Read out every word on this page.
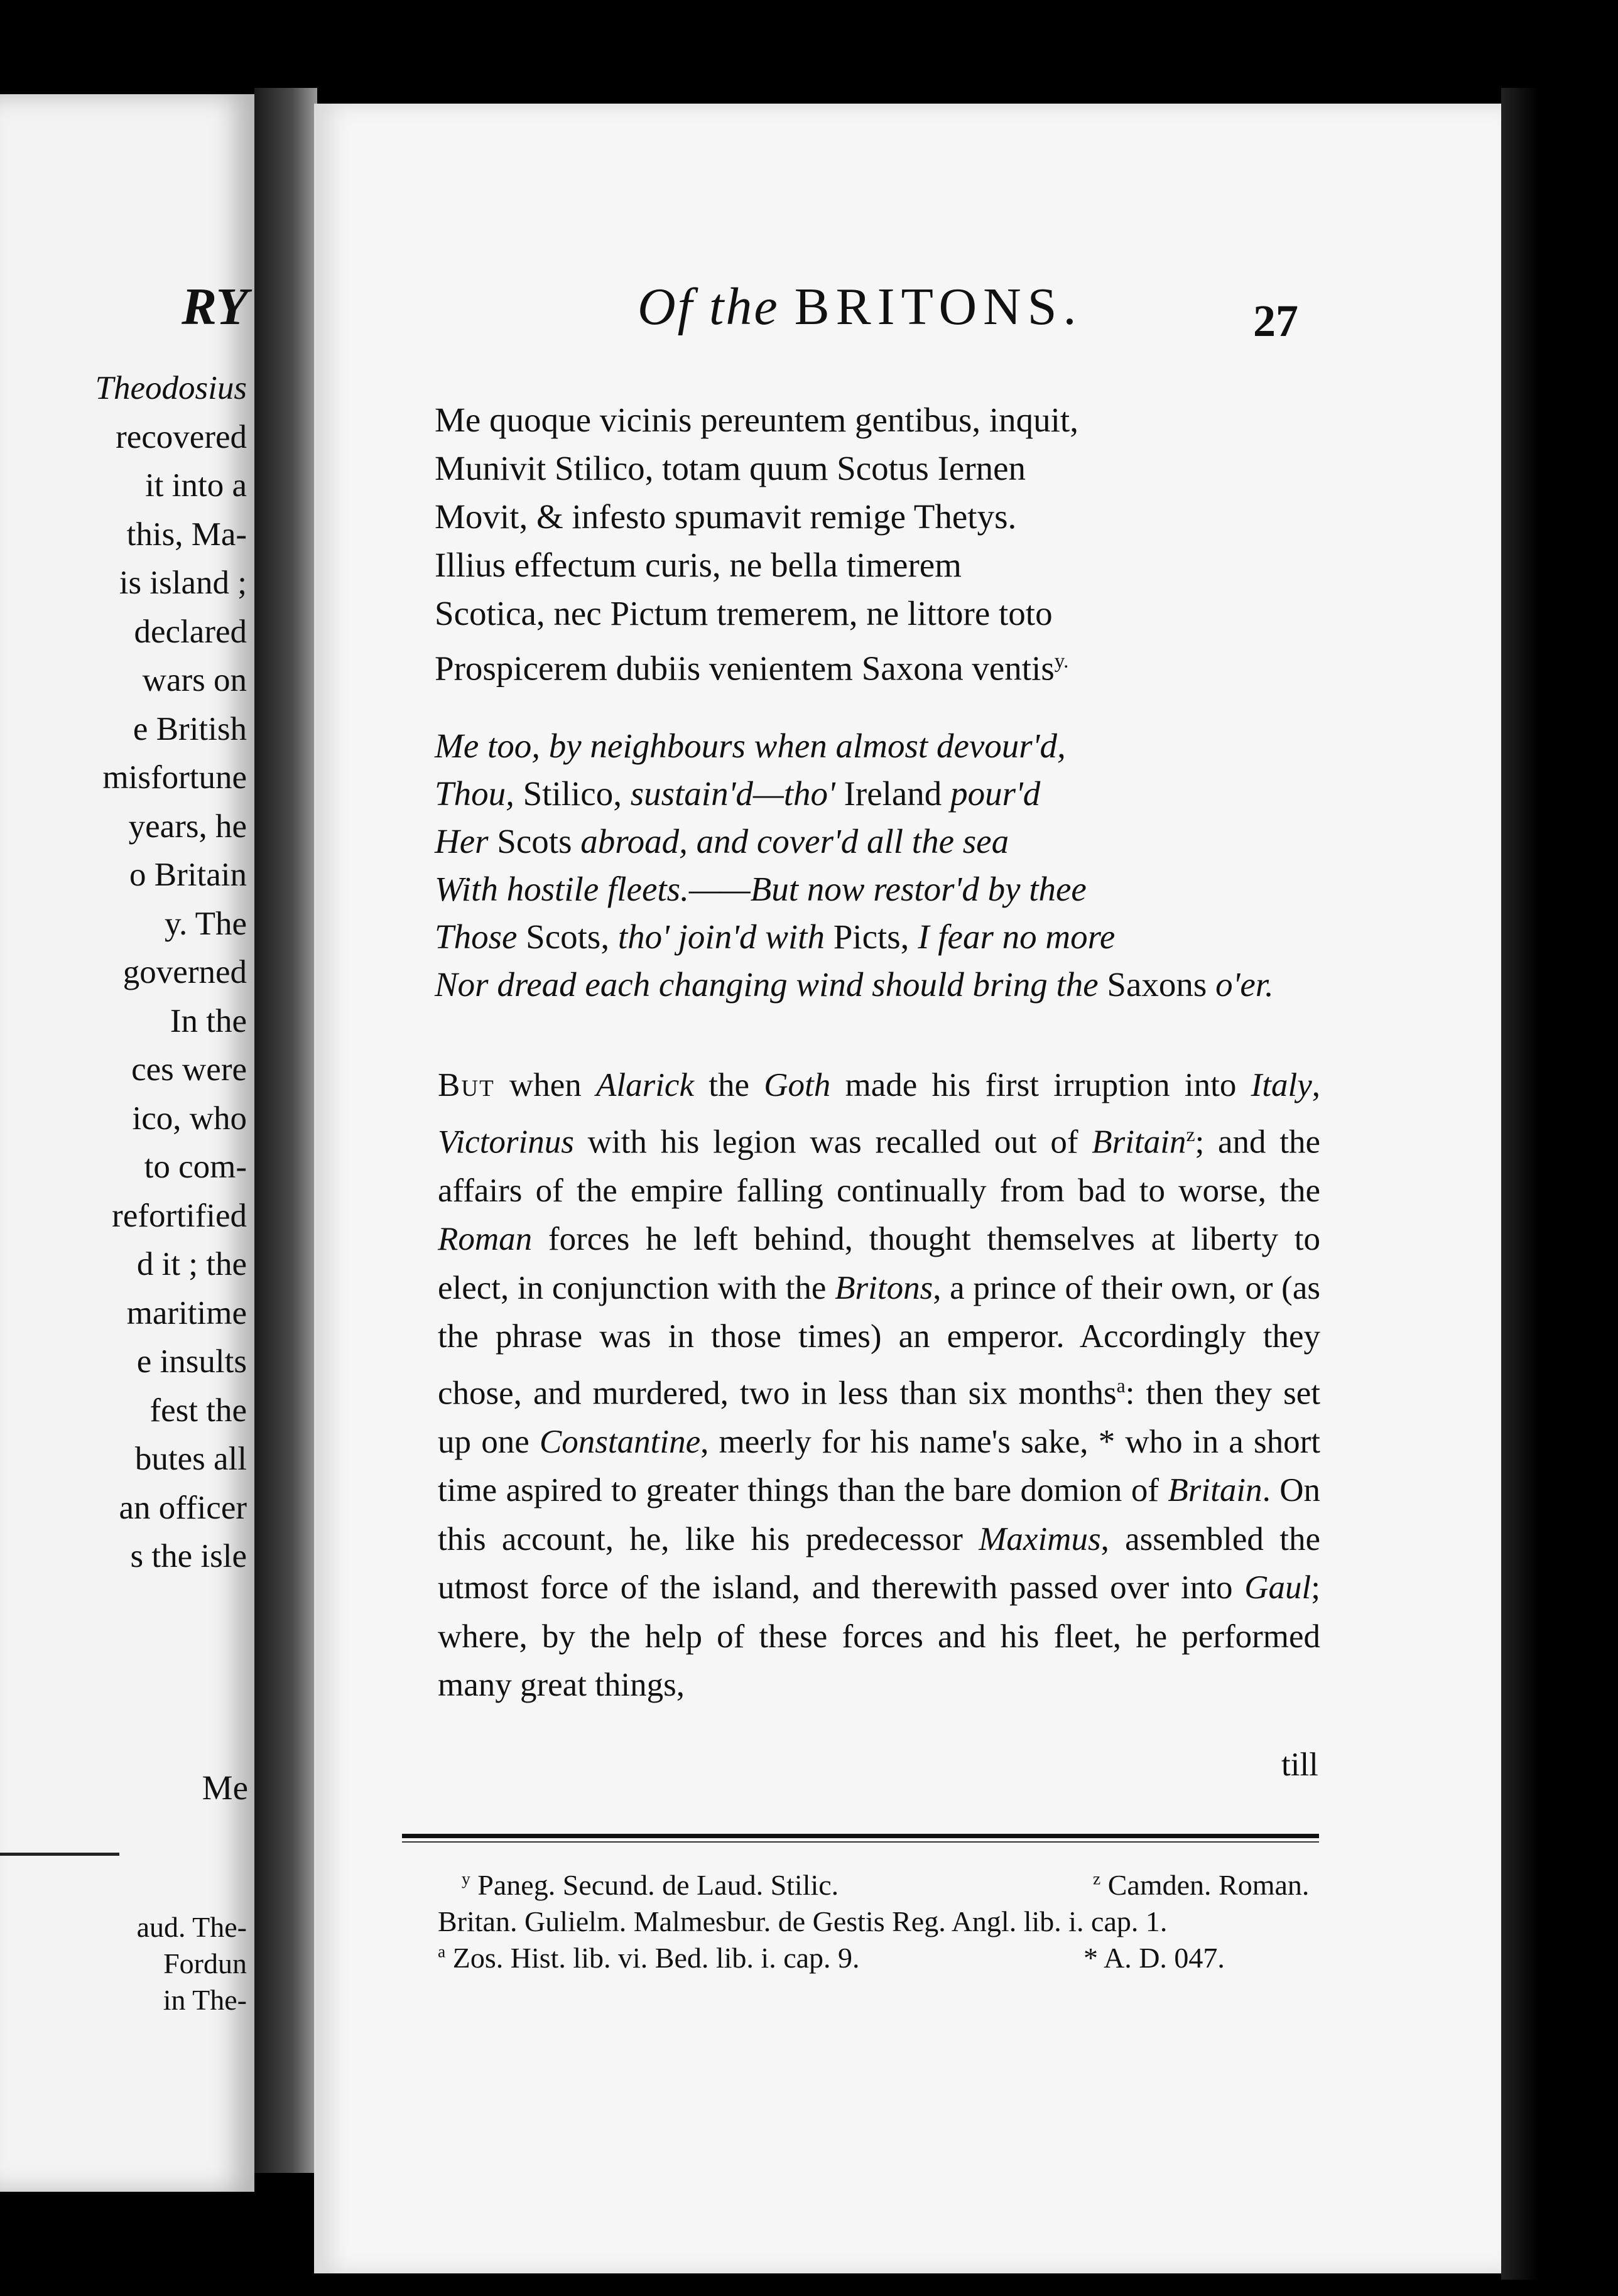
RY
Theodosius
recovered
it into a
this, Ma-
is island ;
declared
wars on
e British
misfortune
years, he
o Britain
y. The
governed
In the
ces were
ico, who
to com-
refortified
d it ; the
maritime
e insults
fest the
butes all
an officer
s the isle
Me
aud. The-
Fordun
in The-
Of the BRITONS.	27
Me quoque vicinis pereuntem gentibus, inquit,
Munivit Stilico, totam quum Scotus Iernen
Movit, & infesto spumavit remige Thetys.
Illius effectum curis, ne bella timerem
Scotica, nec Pictum tremerem, ne littore toto
Prospicerem dubiis venientem Saxona ventis$^{y.}$
Me too, by neighbours when almost devour'd,
Thou, Stilico, sustain'd—tho' Ireland pour'd
Her Scots abroad, and cover'd all the sea
With hostile fleets.——But now restor'd by thee
Those Scots, tho' join'd with Picts, I fear no more
Nor dread each changing wind should bring the Saxons o'er.
But when Alarick the Goth made his first irruption into Italy, Victorinus with his legion was recalled out of Britain$^z$; and the affairs of the empire falling continually from bad to worse, the Roman forces he left behind, thought themselves at liberty to elect, in conjunction with the Britons, a prince of their own, or (as the phrase was in those times) an emperor. Accordingly they chose, and murdered, two in less than six months$^a$: then they set up one Constantine, meerly for his name's sake, * who in a short time aspired to greater things than the bare domion of Britain. On this account, he, like his predecessor Maximus, assembled the utmost force of the island, and therewith passed over into Gaul; where, by the help of these forces and his fleet, he performed many great things,
till
$^y$ Paneg. Secund. de Laud. Stilic.	$^z$ Camden. Roman.
Britan. Gulielm. Malmesbur. de Gestis Reg. Angl. lib. i. cap. 1.
$^a$ Zos. Hist. lib. vi. Bed. lib. i. cap. 9.	* A. D. 047.
